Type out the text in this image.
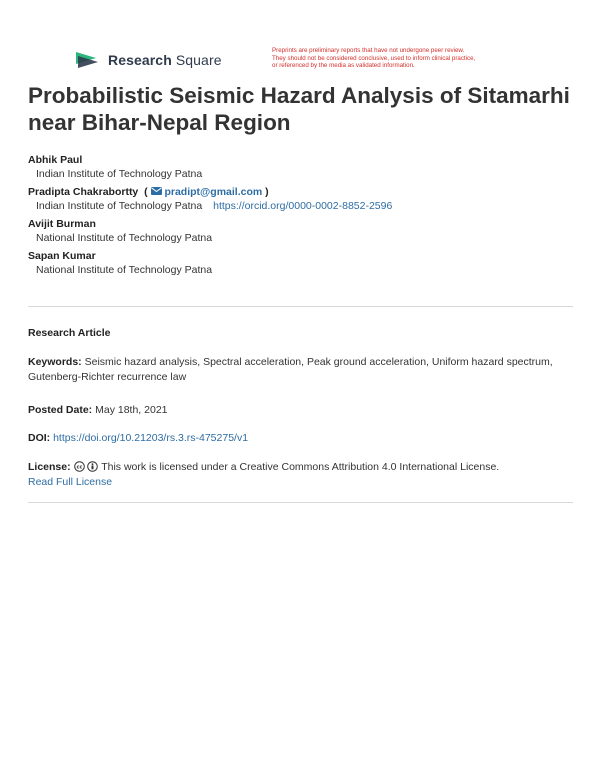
Research Square
Preprints are preliminary reports that have not undergone peer review.
They should not be considered conclusive, used to inform clinical practice,
or referenced by the media as validated information.
Probabilistic Seismic Hazard Analysis of Sitamarhi near Bihar-Nepal Region
Abhik Paul
Indian Institute of Technology Patna
Pradipta Chakrabortty  ( pradipt@gmail.com )
Indian Institute of Technology Patna https://orcid.org/0000-0002-8852-2596
Avijit Burman
National Institute of Technology Patna
Sapan Kumar
National Institute of Technology Patna
Research Article
Keywords: Seismic hazard analysis, Spectral acceleration, Peak ground acceleration, Uniform hazard spectrum, Gutenberg-Richter recurrence law
Posted Date: May 18th, 2021
DOI: https://doi.org/10.21203/rs.3.rs-475275/v1
License: cc This work is licensed under a Creative Commons Attribution 4.0 International License.
Read Full License
